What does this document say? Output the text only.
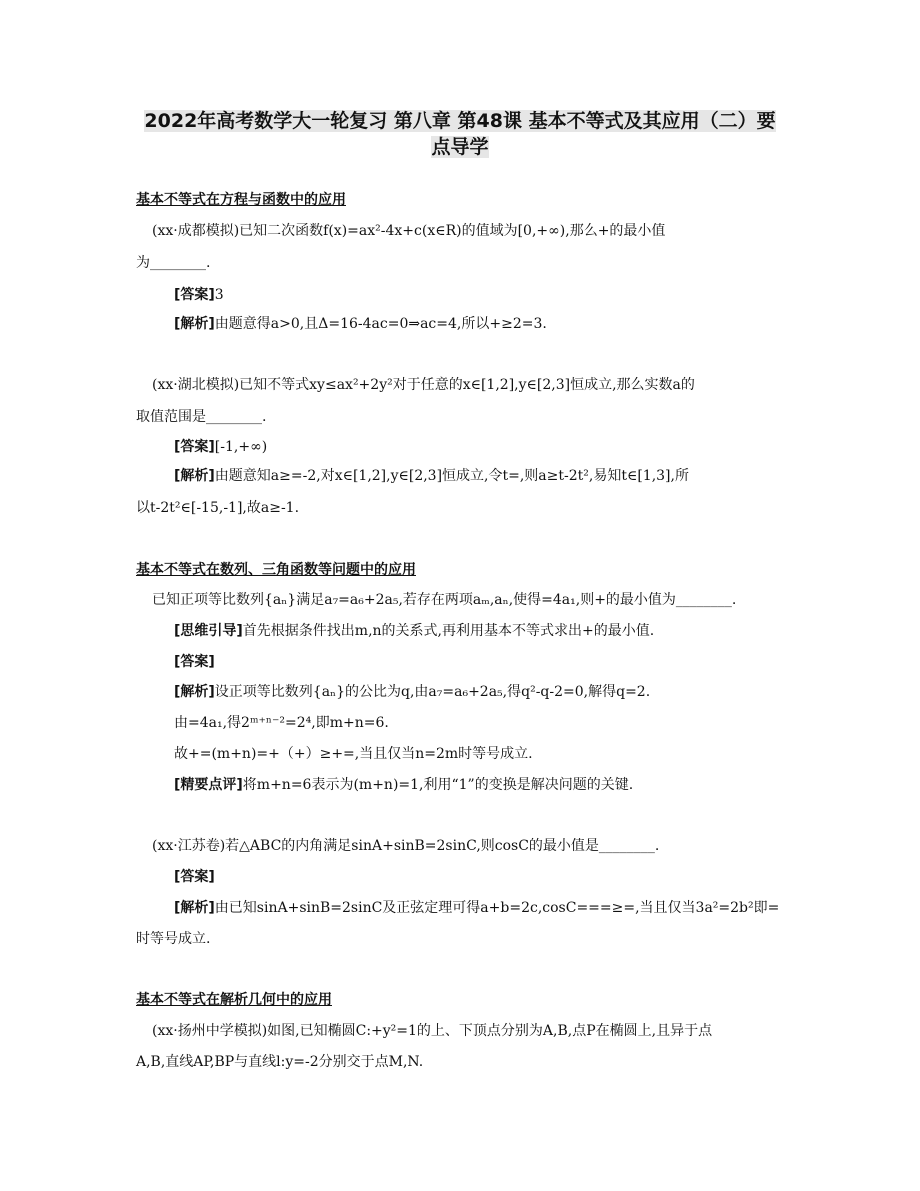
2022年高考数学大一轮复习 第八章 第48课 基本不等式及其应用（二）要
点导学
基本不等式在方程与函数中的应用
(xx·成都模拟)已知二次函数f(x)=ax²-4x+c(x∈R)的值域为[0,+∞),那么+的最小值
为________.
[答案]3
[解析]由题意得a>0,且Δ=16-4ac=0⇒ac=4,所以+≥2=3.
(xx·湖北模拟)已知不等式xy≤ax²+2y²对于任意的x∈[1,2],y∈[2,3]恒成立,那么实数a的
取值范围是________.
[答案][-1,+∞)
[解析]由题意知a≥=-2,对x∈[1,2],y∈[2,3]恒成立,令t=,则a≥t-2t²,易知t∈[1,3],所
以t-2t²∈[-15,-1],故a≥-1.
基本不等式在数列、三角函数等问题中的应用
已知正项等比数列{aₙ}满足a₇=a₆+2a₅,若存在两项aₘ,aₙ,使得=4a₁,则+的最小值为________.
[思维引导]首先根据条件找出m,n的关系式,再利用基本不等式求出+的最小值.
[答案]
[解析]设正项等比数列{aₙ}的公比为q,由a₇=a₆+2a₅,得q²-q-2=0,解得q=2.
由=4a₁,得2ᵐ⁺ⁿ⁻²=2⁴,即m+n=6.
故+=(m+n)=+（+）≥+=,当且仅当n=2m时等号成立.
[精要点评]将m+n=6表示为(m+n)=1,利用“1”的变换是解决问题的关键.
(xx·江苏卷)若△ABC的内角满足sinA+sinB=2sinC,则cosC的最小值是________.
[答案]
[解析]由已知sinA+sinB=2sinC及正弦定理可得a+b=2c,cosC===≥=,当且仅当3a²=2b²即=
时等号成立.
基本不等式在解析几何中的应用
(xx·扬州中学模拟)如图,已知椭圆C:+y²=1的上、下顶点分别为A,B,点P在椭圆上,且异于点
A,B,直线AP,BP与直线l:y=-2分别交于点M,N.
